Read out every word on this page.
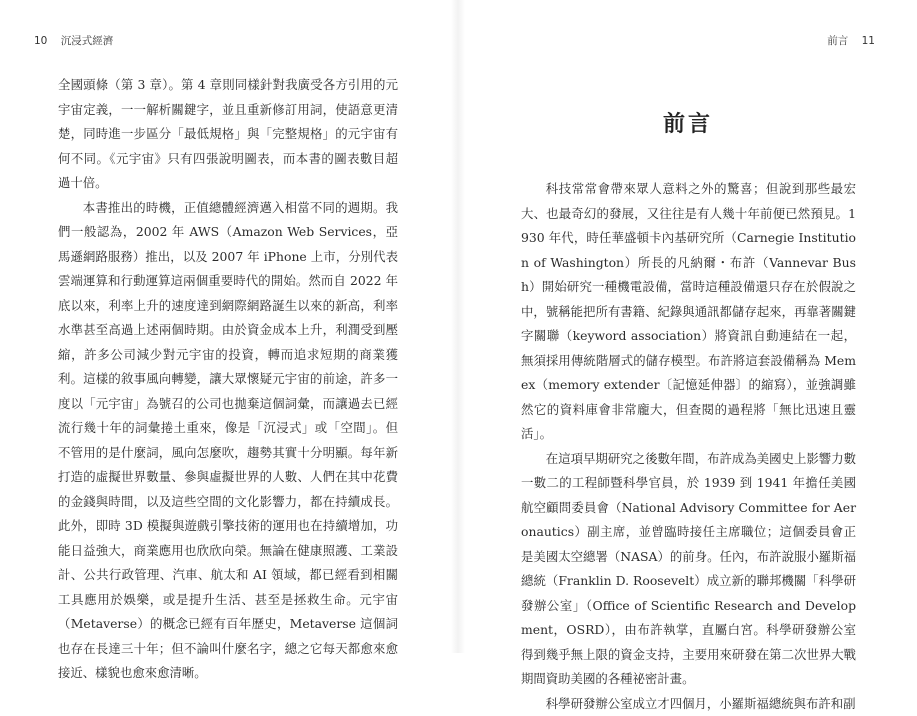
10 沉浸式經濟

全國頭條（第 3 章）。第 4 章則同樣針對我廣受各方引用的元宇宙定義，一一解析關鍵字，並且重新修訂用詞，使語意更清楚，同時進一步區分「最低規格」與「完整規格」的元宇宙有何不同。《元宇宙》只有四張說明圖表，而本書的圖表數目超過十倍。

本書推出的時機，正值總體經濟邁入相當不同的週期。我們一般認為，2002 年 AWS（Amazon Web Services，亞馬遜網路服務）推出，以及 2007 年 iPhone 上市，分別代表雲端運算和行動運算這兩個重要時代的開始。然而自 2022 年底以來，利率上升的速度達到網際網路誕生以來的新高，利率水準甚至高過上述兩個時期。由於資金成本上升，利潤受到壓縮，許多公司減少對元宇宙的投資，轉而追求短期的商業獲利。這樣的敘事風向轉變，讓大眾懷疑元宇宙的前途，許多一度以「元宇宙」為號召的公司也拋棄這個詞彙，而讓過去已經流行幾十年的詞彙捲土重來，像是「沉浸式」或「空間」。但不管用的是什麼詞，風向怎麼吹，趨勢其實十分明顯。每年新打造的虛擬世界數量、參與虛擬世界的人數、人們在其中花費的金錢與時間，以及這些空間的文化影響力，都在持續成長。此外，即時 3D 模擬與遊戲引擎技術的運用也在持續增加，功能日益強大，商業應用也欣欣向榮。無論在健康照護、工業設計、公共行政管理、汽車、航太和 AI 領域，都已經看到相關工具應用於娛樂，或是提升生活、甚至是拯救生命。元宇宙（Metaverse）的概念已經有百年歷史，Metaverse 這個詞也存在長達三十年；但不論叫什麼名字，總之它每天都愈來愈接近、樣貌也愈來愈清晰。

前言 11
前言

科技常常會帶來眾人意料之外的驚喜；但說到那些最宏大、也最奇幻的發展，又往往是有人幾十年前便已然預見。1930 年代，時任華盛頓卡內基研究所（Carnegie Institution of Washington）所長的凡納爾・布許（Vannevar Bush）開始研究一種機電設備，當時這種設備還只存在於假說之中，號稱能把所有書籍、紀錄與通訊都儲存起來，再靠著關鍵字關聯（keyword association）將資訊自動連結在一起，無須採用傳統階層式的儲存模型。布許將這套設備稱為 Memex（memory extender〔記憶延伸器〕的縮寫），並強調雖然它的資料庫會非常龐大，但查閱的過程將「無比迅速且靈活」。

在這項早期研究之後數年間，布許成為美國史上影響力數一數二的工程師暨科學官員，於 1939 到 1941 年擔任美國航空顧問委員會（National Advisory Committee for Aeronautics）副主席，並曾臨時接任主席職位；這個委員會正是美國太空總署（NASA）的前身。任內，布許說服小羅斯福總統（Franklin D. Roosevelt）成立新的聯邦機關「科學研發辦公室」（Office of Scientific Research and Development，OSRD），由布許執掌，直屬白宮。科學研發辦公室得到幾乎無上限的資金支持，主要用來研發在第二次世界大戰期間資助美國的各種祕密計畫。

科學研發辦公室成立才四個月，小羅斯福總統與布許和副
